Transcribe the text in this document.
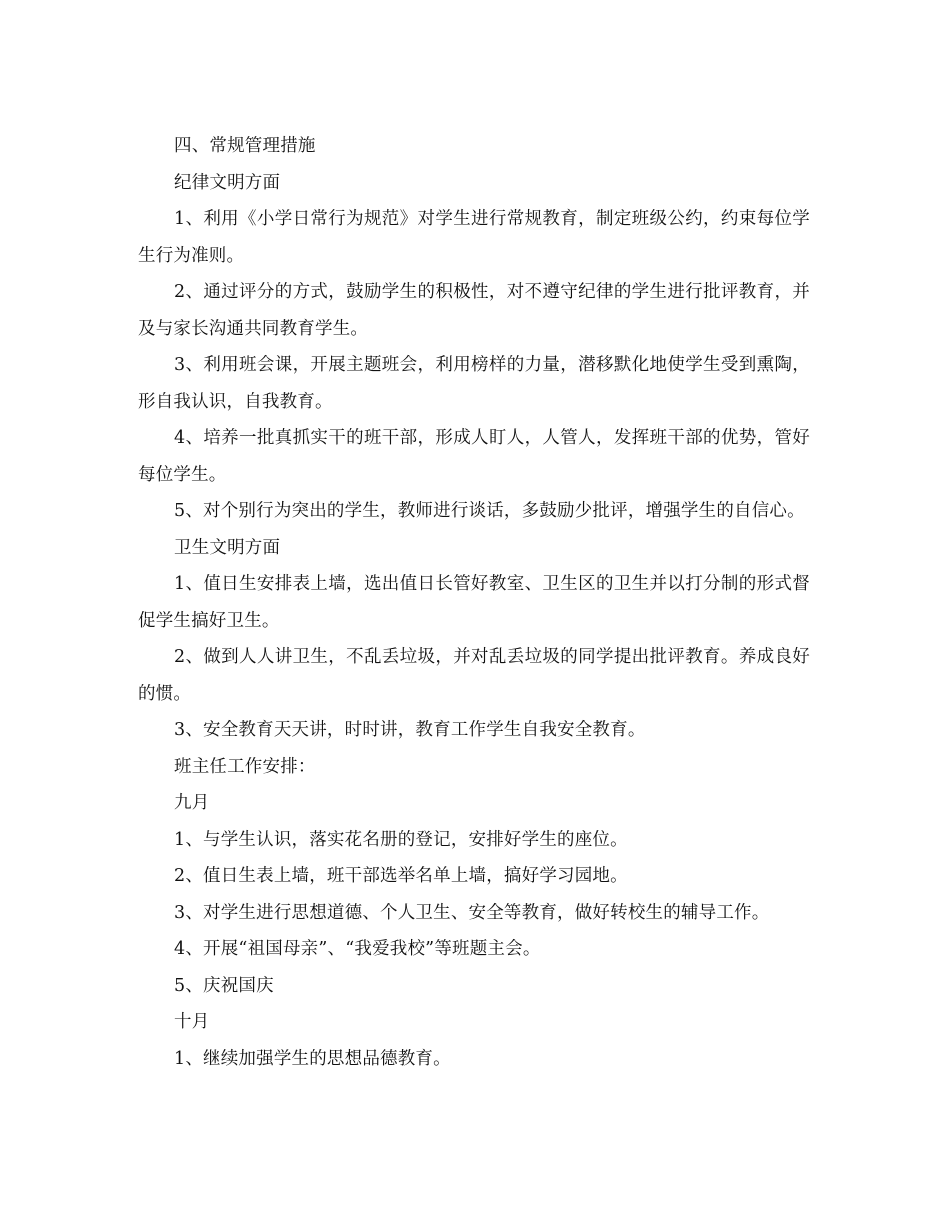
四、常规管理措施
纪律文明方面
1、利用《小学日常行为规范》对学生进行常规教育，制定班级公约，约束每位学生行为准则。
2、通过评分的方式，鼓励学生的积极性，对不遵守纪律的学生进行批评教育，并及与家长沟通共同教育学生。
3、利用班会课，开展主题班会，利用榜样的力量，潜移默化地使学生受到熏陶，形自我认识，自我教育。
4、培养一批真抓实干的班干部，形成人盯人，人管人，发挥班干部的优势，管好每位学生。
5、对个别行为突出的学生，教师进行谈话，多鼓励少批评，增强学生的自信心。
卫生文明方面
1、值日生安排表上墙，选出值日长管好教室、卫生区的卫生并以打分制的形式督促学生搞好卫生。
2、做到人人讲卫生，不乱丢垃圾，并对乱丢垃圾的同学提出批评教育。养成良好的惯。
3、安全教育天天讲，时时讲，教育工作学生自我安全教育。
班主任工作安排：
九月
1、与学生认识，落实花名册的登记，安排好学生的座位。
2、值日生表上墙，班干部选举名单上墙，搞好学习园地。
3、对学生进行思想道德、个人卫生、安全等教育，做好转校生的辅导工作。
4、开展“祖国母亲”、“我爱我校”等班题主会。
5、庆祝国庆
十月
1、继续加强学生的思想品德教育。
